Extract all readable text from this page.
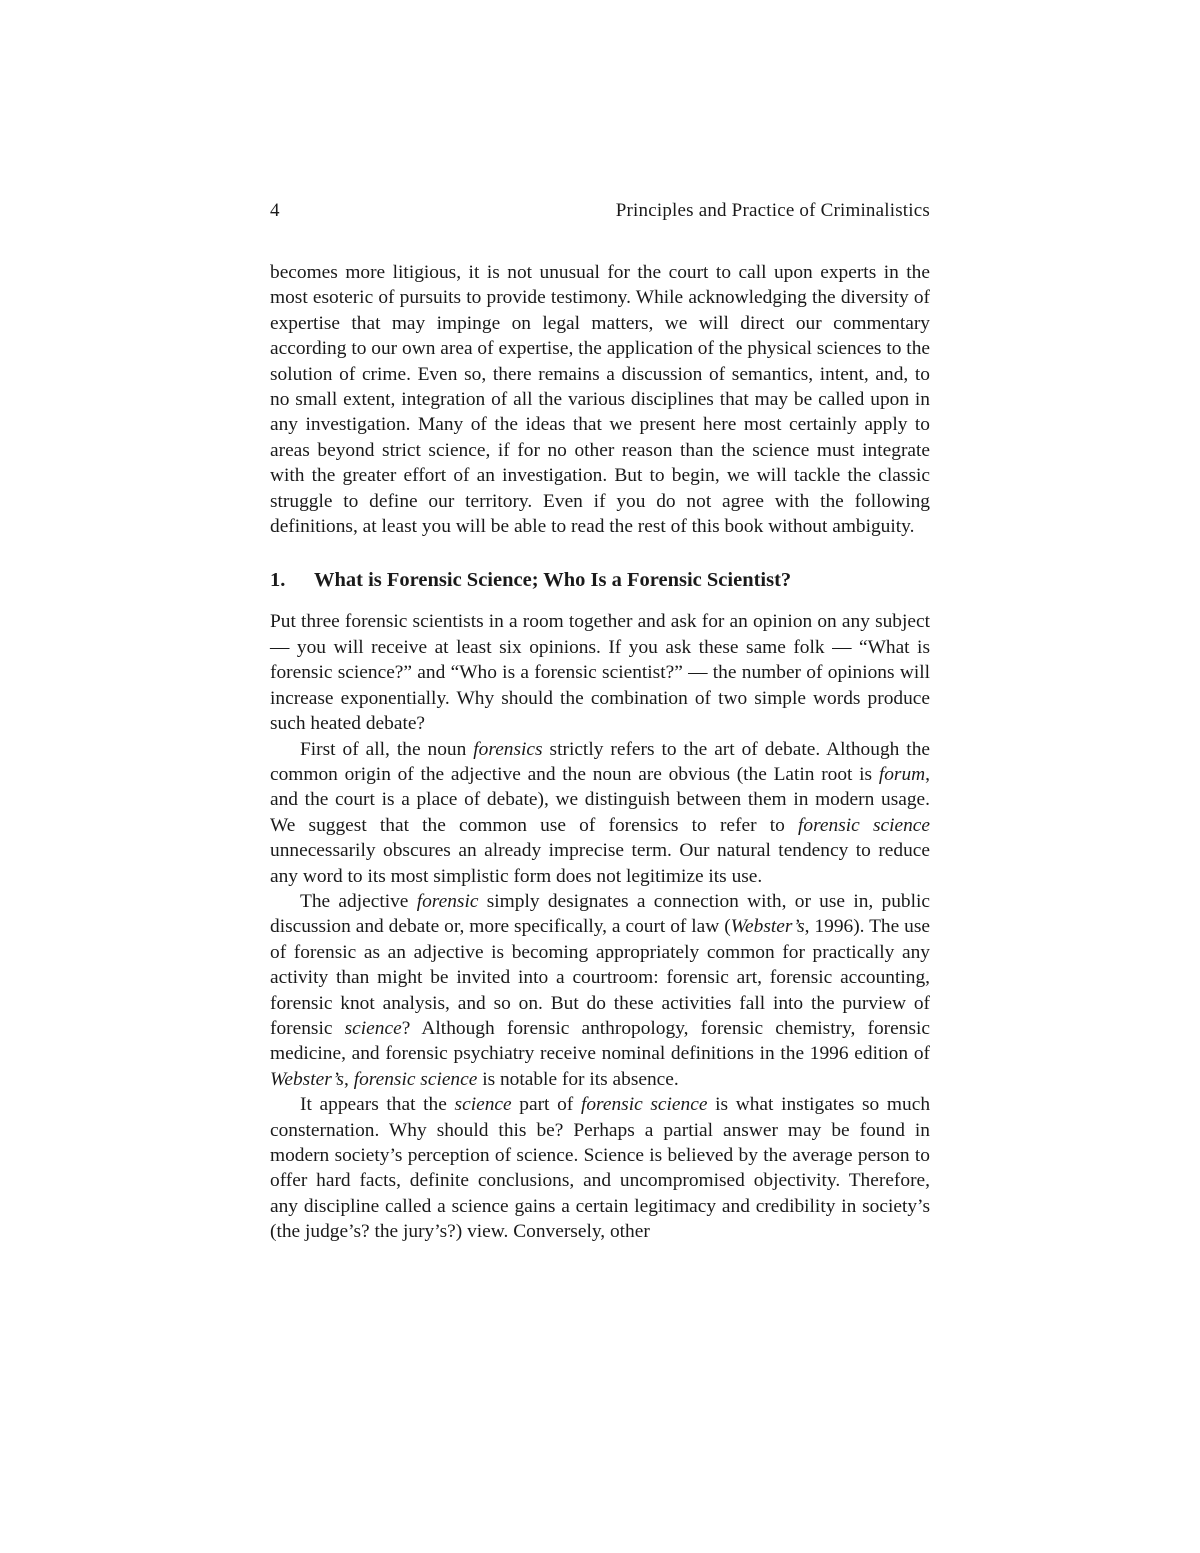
4	Principles and Practice of Criminalistics

becomes more litigious, it is not unusual for the court to call upon experts in the most esoteric of pursuits to provide testimony. While acknowledging the diversity of expertise that may impinge on legal matters, we will direct our commentary according to our own area of expertise, the application of the physical sciences to the solution of crime. Even so, there remains a discussion of semantics, intent, and, to no small extent, integration of all the various disciplines that may be called upon in any investigation. Many of the ideas that we present here most certainly apply to areas beyond strict science, if for no other reason than the science must integrate with the greater effort of an investigation. But to begin, we will tackle the classic struggle to define our territory. Even if you do not agree with the following definitions, at least you will be able to read the rest of this book without ambiguity.

1.	What is Forensic Science; Who Is a Forensic Scientist?

Put three forensic scientists in a room together and ask for an opinion on any subject — you will receive at least six opinions. If you ask these same folk — “What is forensic science?” and “Who is a forensic scientist?” — the number of opinions will increase exponentially. Why should the combination of two simple words produce such heated debate?

First of all, the noun forensics strictly refers to the art of debate. Although the common origin of the adjective and the noun are obvious (the Latin root is forum, and the court is a place of debate), we distinguish between them in modern usage. We suggest that the common use of forensics to refer to forensic science unnecessarily obscures an already imprecise term. Our natural tendency to reduce any word to its most simplistic form does not legitimize its use.

The adjective forensic simply designates a connection with, or use in, public discussion and debate or, more specifically, a court of law (Webster’s, 1996). The use of forensic as an adjective is becoming appropriately common for practically any activity than might be invited into a courtroom: forensic art, forensic accounting, forensic knot analysis, and so on. But do these activities fall into the purview of forensic science? Although forensic anthropology, forensic chemistry, forensic medicine, and forensic psychiatry receive nominal definitions in the 1996 edition of Webster’s, forensic science is notable for its absence.

It appears that the science part of forensic science is what instigates so much consternation. Why should this be? Perhaps a partial answer may be found in modern society’s perception of science. Science is believed by the average person to offer hard facts, definite conclusions, and uncompromised objectivity. Therefore, any discipline called a science gains a certain legitimacy and credibility in society’s (the judge’s? the jury’s?) view. Conversely, other
